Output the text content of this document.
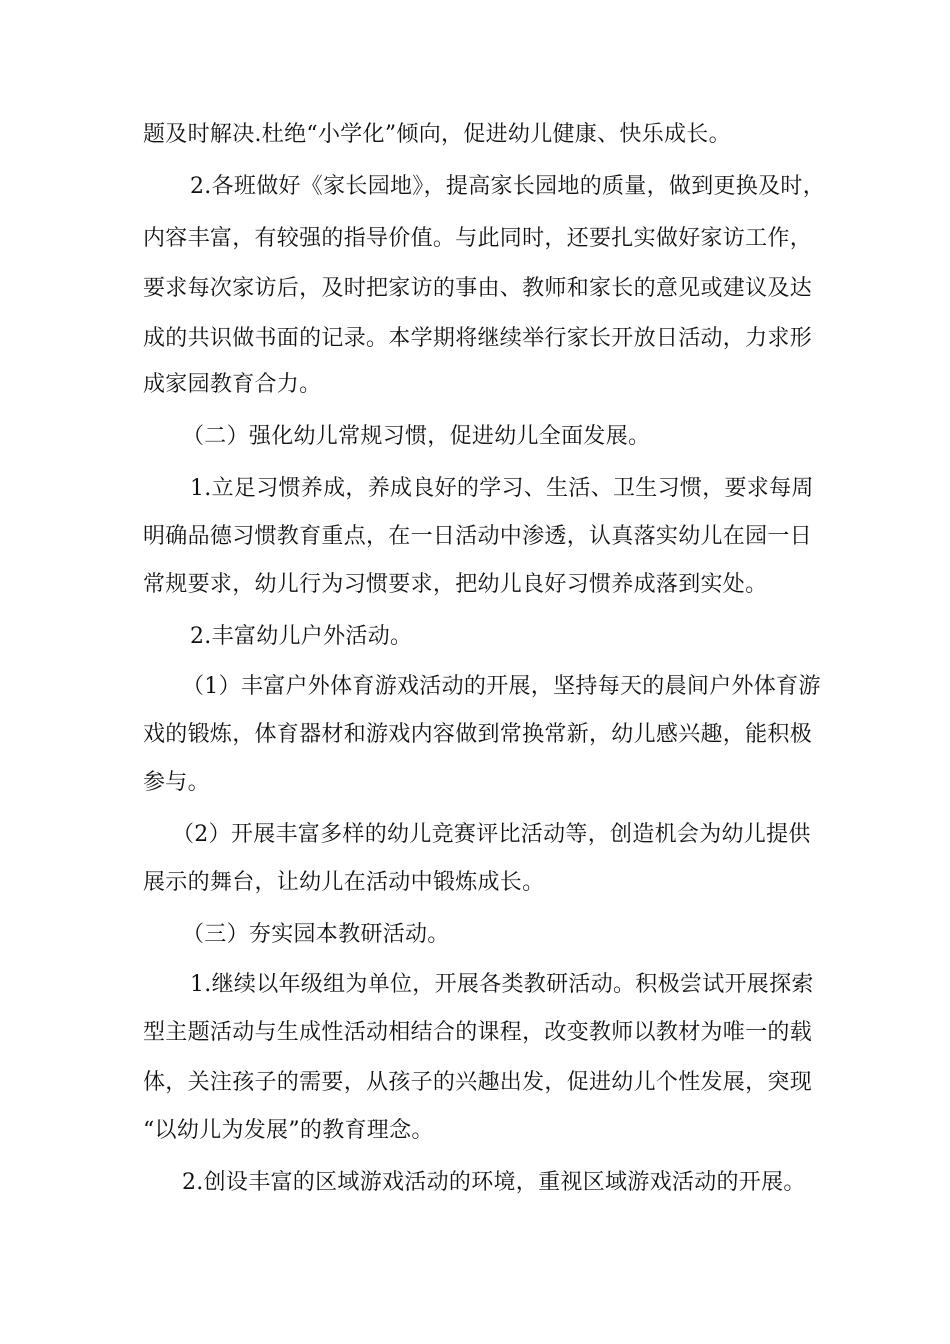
题及时解决.杜绝“小学化”倾向，促进幼儿健康、快乐成长。
2.各班做好《家长园地》，提高家长园地的质量，做到更换及时，
内容丰富，有较强的指导价值。与此同时，还要扎实做好家访工作，
要求每次家访后，及时把家访的事由、教师和家长的意见或建议及达
成的共识做书面的记录。本学期将继续举行家长开放日活动，力求形
成家园教育合力。
（二）强化幼儿常规习惯，促进幼儿全面发展。
1.立足习惯养成，养成良好的学习、生活、卫生习惯，要求每周
明确品德习惯教育重点，在一日活动中渗透，认真落实幼儿在园一日
常规要求，幼儿行为习惯要求，把幼儿良好习惯养成落到实处。
2.丰富幼儿户外活动。
（1）丰富户外体育游戏活动的开展，坚持每天的晨间户外体育游
戏的锻炼，体育器材和游戏内容做到常换常新，幼儿感兴趣，能积极
参与。
（2）开展丰富多样的幼儿竞赛评比活动等，创造机会为幼儿提供
展示的舞台，让幼儿在活动中锻炼成长。
（三）夯实园本教研活动。
1.继续以年级组为单位，开展各类教研活动。积极尝试开展探索
型主题活动与生成性活动相结合的课程，改变教师以教材为唯一的载
体，关注孩子的需要，从孩子的兴趣出发，促进幼儿个性发展，突现
“以幼儿为发展”的教育理念。
2.创设丰富的区域游戏活动的环境，重视区域游戏活动的开展。
